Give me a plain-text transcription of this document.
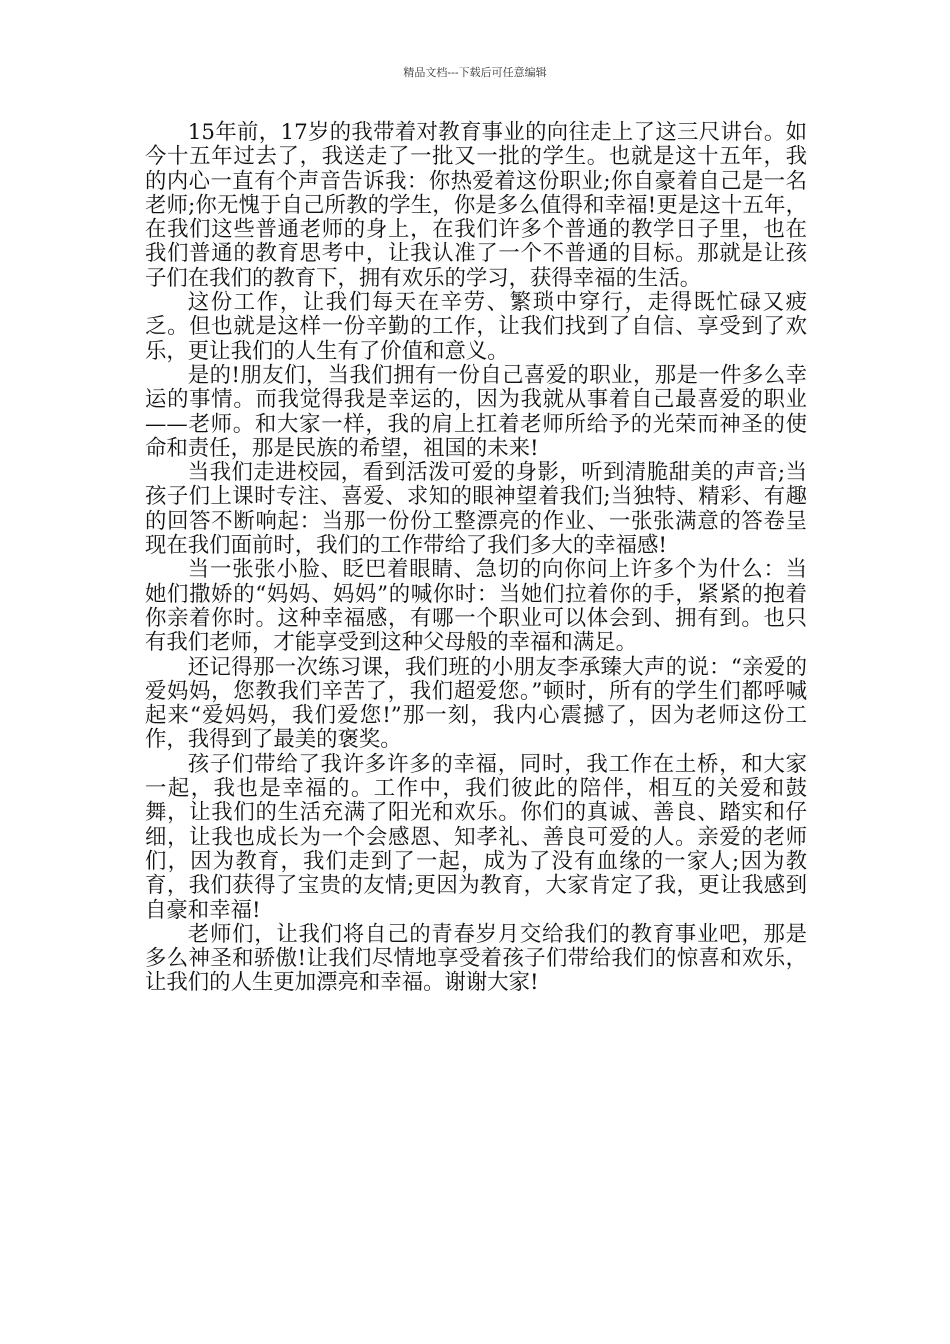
精品文档---下载后可任意编辑

15年前，17岁的我带着对教育事业的向往走上了这三尺讲台。如今十五年过去了，我送走了一批又一批的学生。也就是这十五年，我的内心一直有个声音告诉我：你热爱着这份职业;你自豪着自己是一名老师;你无愧于自己所教的学生，你是多么值得和幸福!更是这十五年，在我们这些普通老师的身上，在我们许多个普通的教学日子里，也在我们普通的教育思考中，让我认准了一个不普通的目标。那就是让孩子们在我们的教育下，拥有欢乐的学习，获得幸福的生活。

这份工作，让我们每天在辛劳、繁琐中穿行，走得既忙碌又疲乏。但也就是这样一份辛勤的工作，让我们找到了自信、享受到了欢乐，更让我们的人生有了价值和意义。

是的!朋友们，当我们拥有一份自己喜爱的职业，那是一件多么幸运的事情。而我觉得我是幸运的，因为我就从事着自己最喜爱的职业——老师。和大家一样，我的肩上扛着老师所给予的光荣而神圣的使命和责任，那是民族的希望，祖国的未来!

当我们走进校园，看到活泼可爱的身影，听到清脆甜美的声音;当孩子们上课时专注、喜爱、求知的眼神望着我们;当独特、精彩、有趣的回答不断响起：当那一份份工整漂亮的作业、一张张满意的答卷呈现在我们面前时，我们的工作带给了我们多大的幸福感!

当一张张小脸、眨巴着眼睛、急切的向你问上许多个为什么：当她们撒娇的“妈妈、妈妈”的喊你时：当她们拉着你的手，紧紧的抱着你亲着你时。这种幸福感，有哪一个职业可以体会到、拥有到。也只有我们老师，才能享受到这种父母般的幸福和满足。

还记得那一次练习课，我们班的小朋友李承臻大声的说：“亲爱的爱妈妈，您教我们辛苦了，我们超爱您。”顿时，所有的学生们都呼喊起来“爱妈妈，我们爱您!”那一刻，我内心震撼了，因为老师这份工作，我得到了最美的褒奖。

孩子们带给了我许多许多的幸福，同时，我工作在土桥，和大家一起，我也是幸福的。工作中，我们彼此的陪伴，相互的关爱和鼓舞，让我们的生活充满了阳光和欢乐。你们的真诚、善良、踏实和仔细，让我也成长为一个会感恩、知孝礼、善良可爱的人。亲爱的老师们，因为教育，我们走到了一起，成为了没有血缘的一家人;因为教育，我们获得了宝贵的友情;更因为教育，大家肯定了我，更让我感到自豪和幸福!

老师们，让我们将自己的青春岁月交给我们的教育事业吧，那是多么神圣和骄傲!让我们尽情地享受着孩子们带给我们的惊喜和欢乐，让我们的人生更加漂亮和幸福。谢谢大家!
